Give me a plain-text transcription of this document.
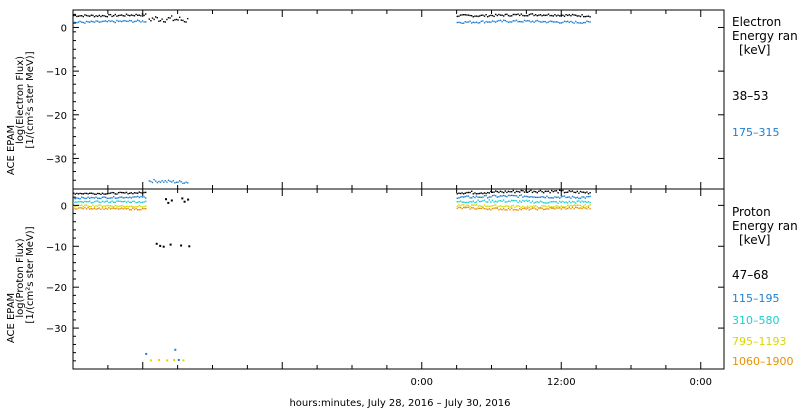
0
−10
−20
−30
ACE EPAM
log(Electron Flux) [1/(cm²s ster MeV)]
Electron
Energy ran
[keV]
38–53
175–315
0
−10
−20
−30
0:00	12:00	0:00
ACE EPAM
log(Proton Flux) [1/(cm²s ster MeV)]
Proton
Energy ran
[keV]
47–68
115–195
310–580
795–1193
1060–1900
hours:minutes, July 28, 2016 – July 30, 2016
